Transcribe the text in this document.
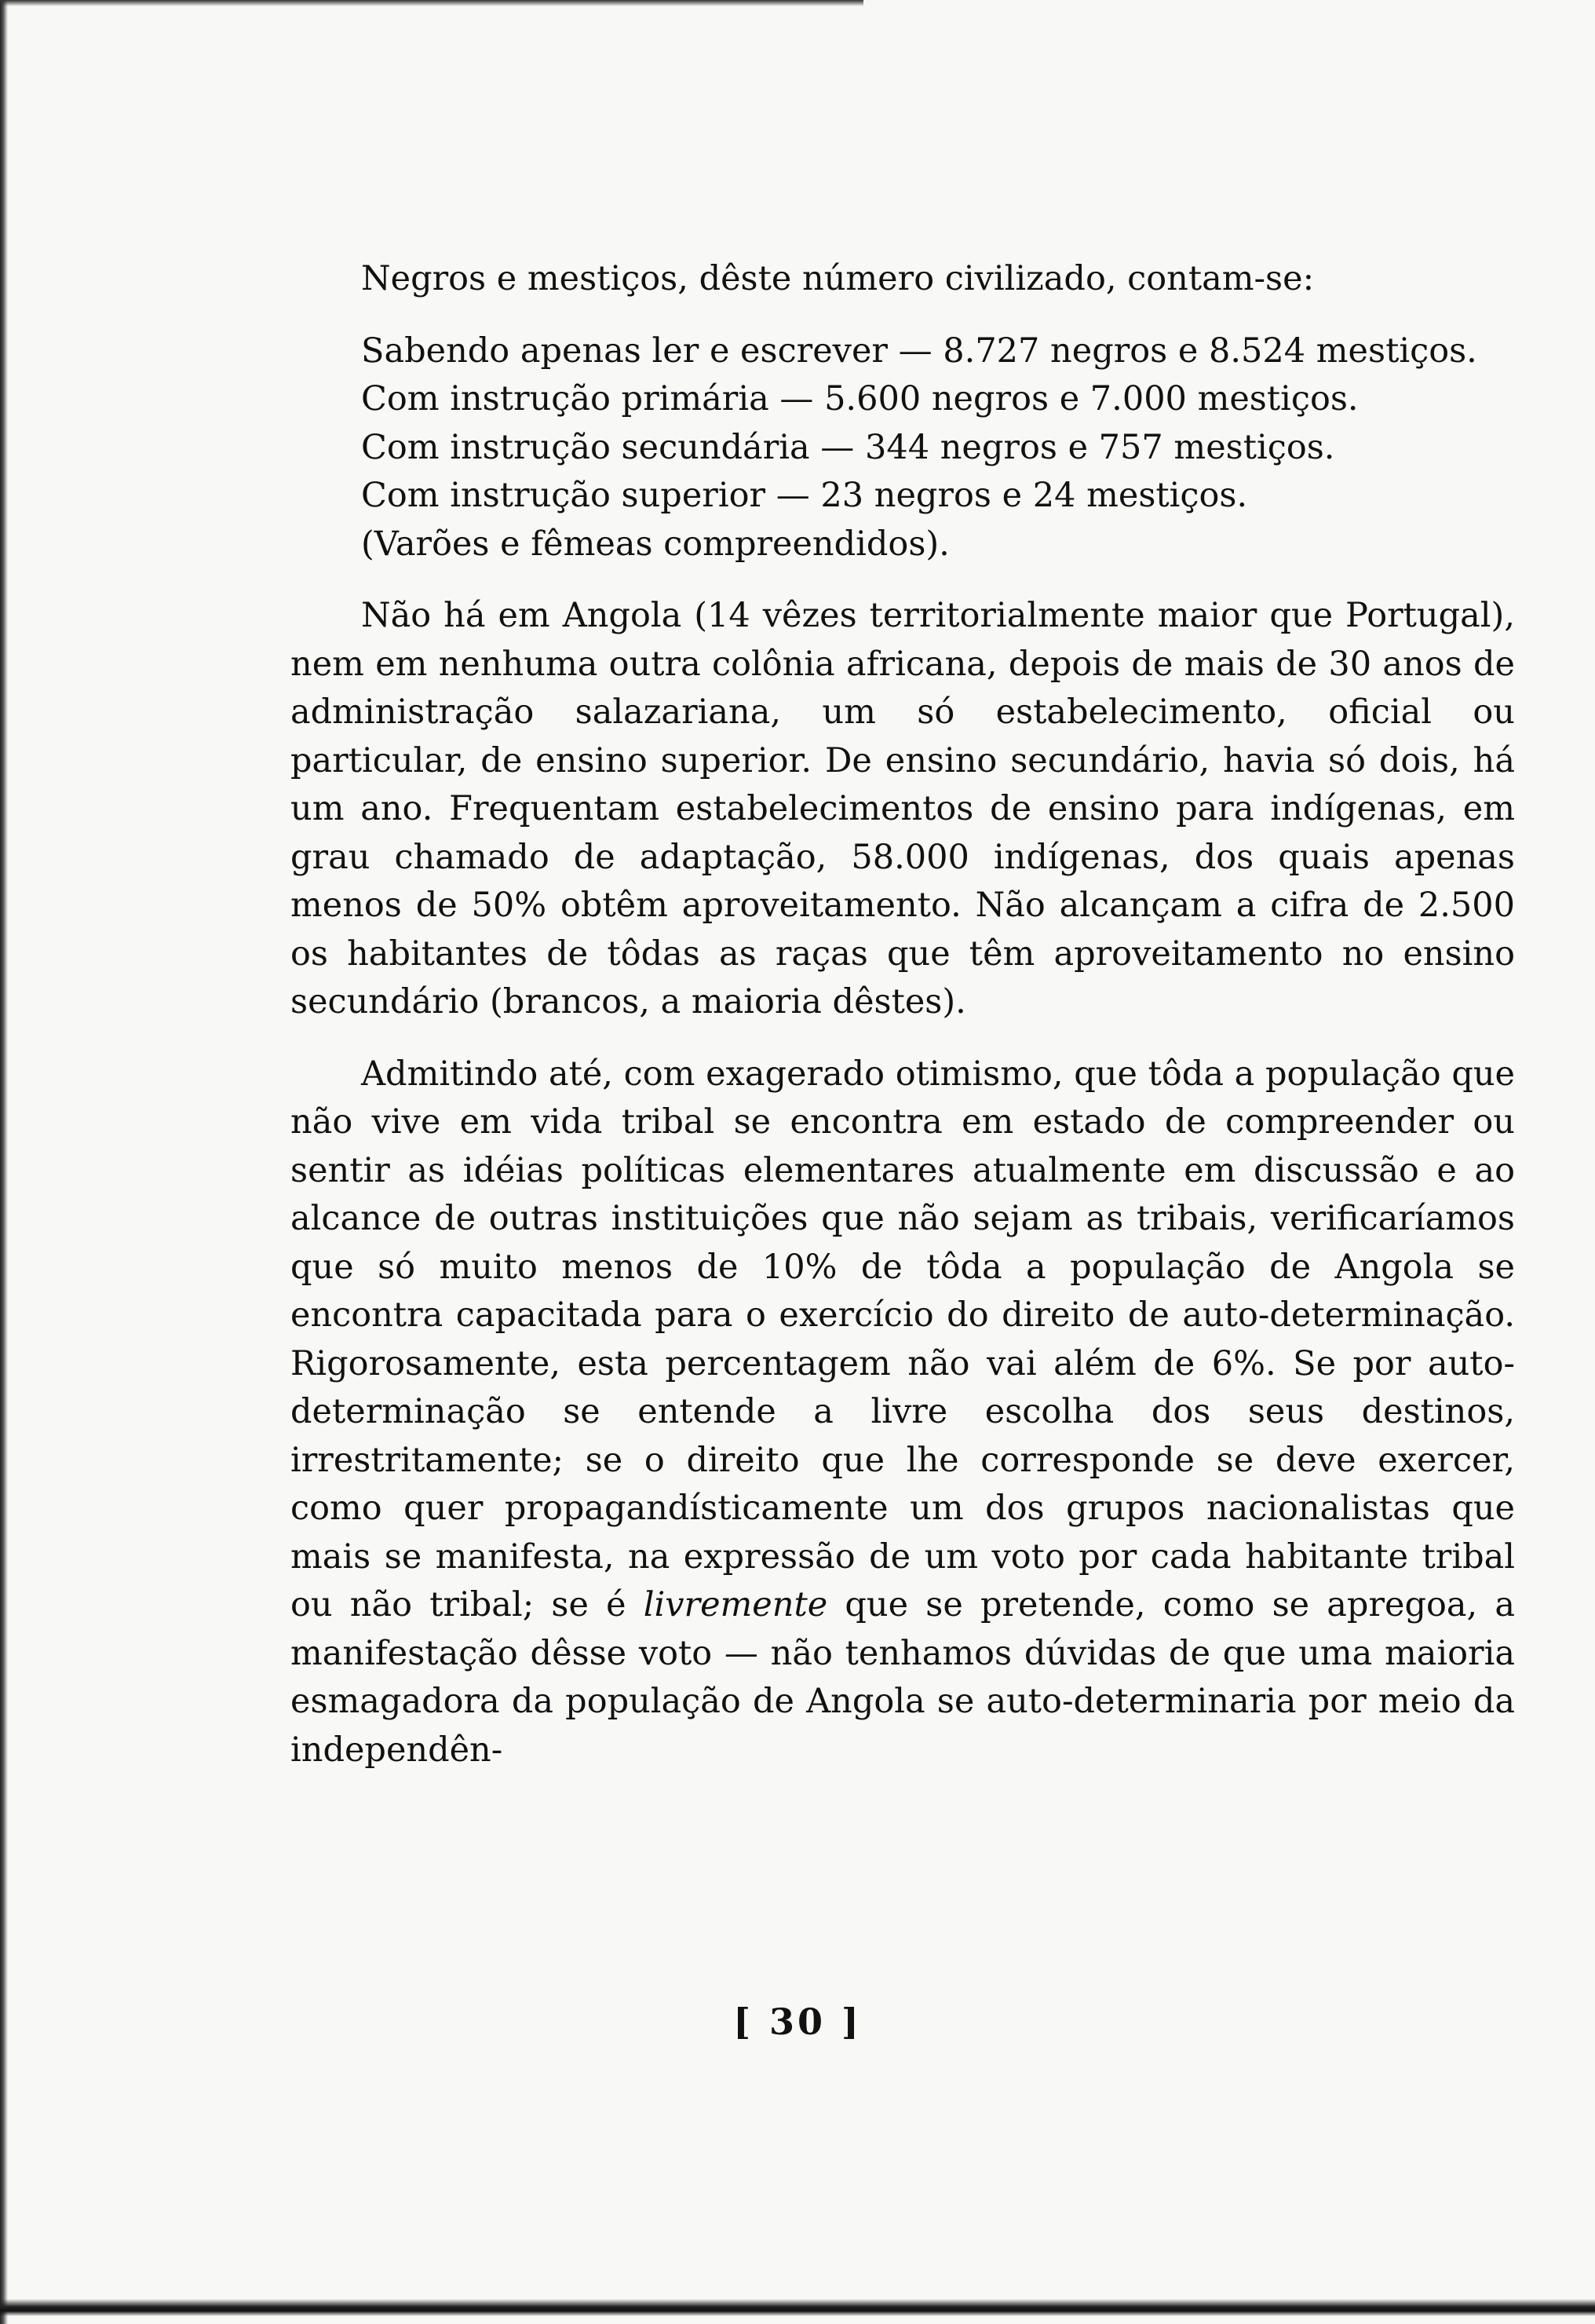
Negros e mestiços, dêste número civilizado, contam-se:

Sabendo apenas ler e escrever — 8.727 negros e 8.524 mestiços.

Com instrução primária — 5.600 negros e 7.000 mestiços.

Com instrução secundária — 344 negros e 757 mestiços.

Com instrução superior — 23 negros e 24 mestiços.

(Varões e fêmeas compreendidos).

Não há em Angola (14 vêzes territorialmente maior que Portugal), nem em nenhuma outra colônia africana, depois de mais de 30 anos de administração salazariana, um só estabelecimento, oficial ou particular, de ensino superior. De ensino secundário, havia só dois, há um ano. Frequentam estabelecimentos de ensino para indígenas, em grau chamado de adaptação, 58.000 indígenas, dos quais apenas menos de 50% obtêm aproveitamento. Não alcançam a cifra de 2.500 os habitantes de tôdas as raças que têm aproveitamento no ensino secundário (brancos, a maioria dêstes).

Admitindo até, com exagerado otimismo, que tôda a população que não vive em vida tribal se encontra em estado de compreender ou sentir as idéias políticas elementares atualmente em discussão e ao alcance de outras instituições que não sejam as tribais, verificaríamos que só muito menos de 10% de tôda a população de Angola se encontra capacitada para o exercício do direito de auto-determinação. Rigorosamente, esta percentagem não vai além de 6%. Se por auto-determinação se entende a livre escolha dos seus destinos, irrestritamente; se o direito que lhe corresponde se deve exercer, como quer propagandísticamente um dos grupos nacionalistas que mais se manifesta, na expressão de um voto por cada habitante tribal ou não tribal; se é livremente que se pretende, como se apregoa, a manifestação dêsse voto — não tenhamos dúvidas de que uma maioria esmagadora da população de Angola se auto-determinaria por meio da independên-

[ 30 ]
